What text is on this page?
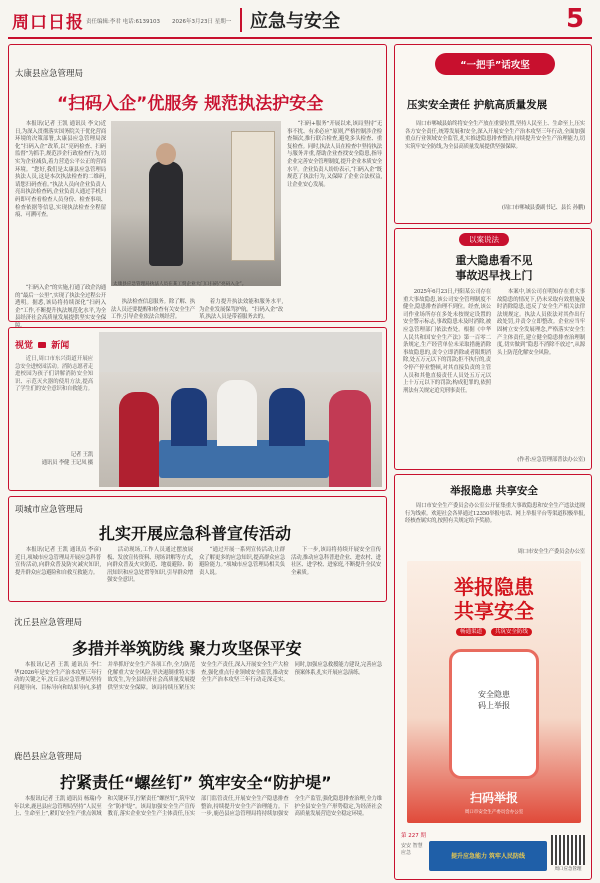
周口日报 责任编辑:李君 电话:6139103 2026年3月23日 星期一 应急与安全	5
太康县应急管理局
“扫码入企”优服务 规范执法护安全

本报讯(记者 王凯 通讯员 李文)近日,为深入贯彻落实国务院关于优化营商环境的决策部署,太康县应急管理局深化“扫码入企”改革,以“亮码检查、扫码监督”为抓手,规范涉企行政检查行为,切实为企业减负,着力营造公平公正的营商环境。“您好,我们是太康县应急管理局执法人员,这是本次执法检查的二维码,请您扫码查看。”执法人员向企业负责人亮出执法检查码,企业负责人通过手机扫码即可查看检查人员身份、检查事项、检查依据等信息,实现执法检查全程留痕、可溯可查。

太康县应急管理局执法人员在某工贸企业大门口扫码“亮码入企”。

“扫码+服务”开展以来,该局坚持“无事不扰、有求必应”原则,严格控制涉企检查频次,推行联合检查,避免多头检查、重复检查。同时,执法人员在检查中坚持执法与服务并重,帮助企业查找安全隐患,指导企业完善安全管理制度,提升企业本质安全水平。企业负责人纷纷表示,“扫码入企”既规范了执法行为,又保障了企业合法权益,让企业安心发展。

“扫码入企”的实施,打通了政企沟通的“最后一公里”,实现了执法全过程公开透明。据悉,该局将持续深化“扫码入企”工作,不断提升执法规范化水平,为全县经济社会高质量发展提供坚实安全保障。

执法检查信息服务。除了解、执法人员还要提醒和检查有关安全生产工作,引导企业依法合规经营。

着力提升执法效能和服务水平,为企业发展保驾护航。“扫码入企”改革,执法人员是带着服务去的。

视觉 新闻

近日,周口市东兴街道开展应急安全进校园活动。消防志愿者走进校园为孩子们讲解消防安全知识、示范灭火器的使用方法,提高了学生们的安全意识和自救能力。

记者 王凯
通讯员 李健 王记凤 摄
项城市应急管理局
扎实开展应急科普宣传活动

本报讯(记者 王凯 通讯员 李彦)近日,项城市应急管理局开展应急科普宣传活动,向群众普及防灾减灾知识,提升群众应急避险和自救互救能力。

活动现场,工作人员通过摆放展板、发放宣传资料、现场讲解等方式,向群众普及火灾防范、地震避险、防汛知识和应急处置等知识,引导群众增强安全意识。

“通过开展一系列宣传活动,让群众了解更多的应急知识,提高群众应急避险能力。”项城市应急管理局相关负责人说。

下一步,该局将持续开展安全宣传活动,推动应急科普进企业、进农村、进社区、进学校、进家庭,不断提升全民安全素质。

沈丘县应急管理局
多措并举筑防线 聚力攻坚保平安

本报讯(记者 王凯 通讯员 李仁华)2026年是安全生产治本攻坚三年行动的关键之年,沈丘县应急管理局坚持问题导向、目标导向和结果导向,多措并举抓好安全生产各项工作,全力防范化解重大安全风险,坚决遏制重特大事故发生,为全县经济社会高质量发展提供坚实安全保障。该局持续压紧压实安全生产责任,深入开展安全生产大检查,强化重点行业领域安全监管,推动安全生产治本攻坚三年行动走深走实。同时,加强应急救援能力建设,完善应急预案体系,扎实开展应急演练。

鹿邑县应急管理局
拧紧责任“螺丝钉” 筑牢安全“防护堤”

本报讯(记者 王凯 通讯员 杨瑞)今年以来,鹿邑县应急管理局坚持“人民至上、生命至上”,紧盯安全生产重点领域和关键环节,拧紧责任“螺丝钉”,筑牢安全“防护堤”。该局加强安全生产宣传教育,落实企业安全生产主体责任,压实部门监管责任,开展安全生产隐患排查整治,持续提升安全生产治理能力。下一步,鹿邑县应急管理局将持续加强安全生产监管,强化隐患排查治理,全力维护全县安全生产形势稳定,为经济社会高质量发展营造安全稳定环境。

“一把手”话攻坚
压实安全责任 护航高质量发展

周口市郸城县始终将安全生产放在重要位置,坚持人民至上、生命至上,压实各方安全责任,统筹发展和安全,深入开展安全生产治本攻坚三年行动,全面加强重点行业领域安全监管,扎实推进隐患排查整治,持续提升安全生产治理能力,切实筑牢安全防线,为全县高质量发展提供坚强保障。

(周口市郸城县委副书记、县长 孙鹏)
以案说法
重大隐患看不见
事故迟早找上门

2025年6月23日,丹阳某公司存在重大事故隐患,该公司安全管理制度不健全,隐患排查治理不到位。经查,该公司作业场所存在多处未按规定设置的安全警示标志,事故隐患未及时消除,被应急管理部门依法查处。根据《中华人民共和国安全生产法》第一百零二条规定,生产经营单位未采取措施消除事故隐患的,责令立即消除或者限期消除,处五万元以下的罚款;拒不执行的,责令停产停业整顿,对其直接负责的主管人员和其他直接责任人员处五万元以上十万元以下的罚款;构成犯罪的,依照刑法有关规定追究刑事责任。

本案中,该公司在明知存在重大事故隐患的情况下,仍未采取有效措施及时消除隐患,违反了安全生产相关法律法规规定。执法人员依法对其作出行政处罚,并责令立即整改。企业应当牢固树立安全发展理念,严格落实安全生产主体责任,建立健全隐患排查治理制度,切实做到“隐患不消除不放过”,从源头上防范化解安全风险。

(作者:应急管理部普法办公室)
举报隐患 共享安全

周口市安全生产委员会办公室公开征集重大事故隐患和安全生产违法违规行为线索。欢迎社会各界通过12350举报电话、网上举报平台等渠道积极举报,经核查属实的,按照有关规定给予奖励。

周口市安全生产委员会办公室
举报隐患
共享安全
畅通渠道 共筑安全防线
安全隐患
码上举报
扫码举报
周口市安全生产委员会办公室
第 227 期
安安 智慧 应急	提升应急能力 筑牢人民防线
周口应急管理
